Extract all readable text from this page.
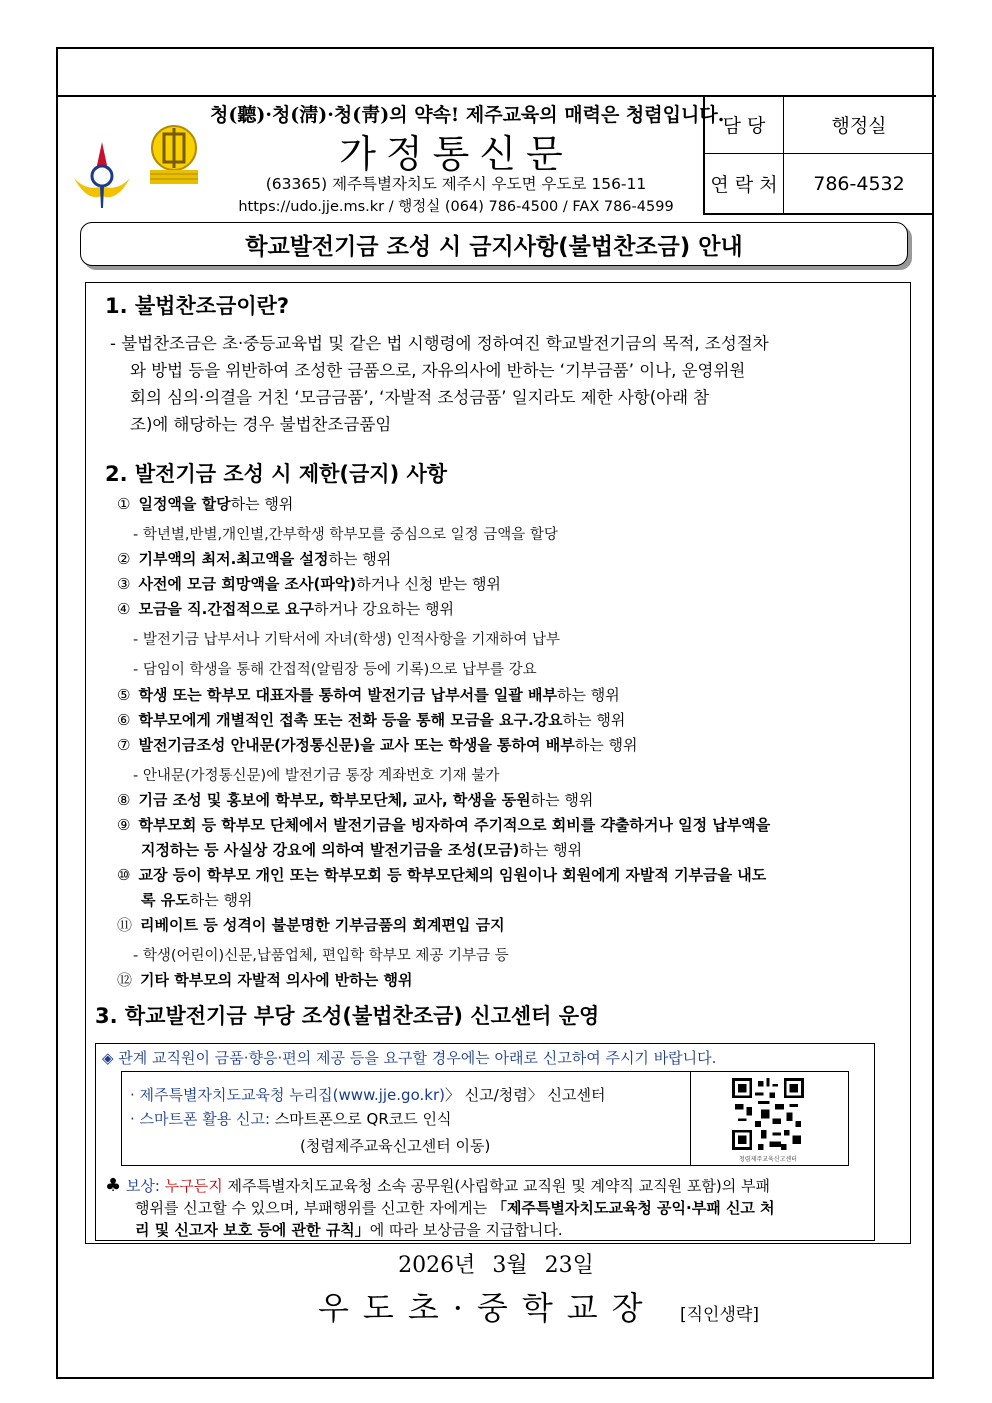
청(聽)·청(淸)·청(靑)의 약속! 제주교육의 매력은 청렴입니다.
가정통신문
(63365) 제주특별자치도 제주시 우도면 우도로 156-11
https://udo.jje.ms.kr / 행정실 (064) 786-4500 / FAX 786-4599
담 당	행정실
연 락 처	786-4532
학교발전기금 조성 시 금지사항(불법찬조금) 안내
1. 불법찬조금이란?
- 불법찬조금은 초·중등교육법 및 같은 법 시행령에 정하여진 학교발전기금의 목적, 조성절차
와 방법 등을 위반하여 조성한 금품으로, 자유의사에 반하는 ‘기부금품’ 이나, 운영위원
회의 심의·의결을 거친 ‘모금금품’, ‘자발적 조성금품’ 일지라도 제한 사항(아래 참
조)에 해당하는 경우 불법찬조금품임
2. 발전기금 조성 시 제한(금지) 사항
① 일정액을 할당하는 행위
- 학년별,반별,개인별,간부학생 학부모를 중심으로 일정 금액을 할당
② 기부액의 최저.최고액을 설정하는 행위
③ 사전에 모금 희망액을 조사(파악)하거나 신청 받는 행위
④ 모금을 직.간접적으로 요구하거나 강요하는 행위
- 발전기금 납부서나 기탁서에 자녀(학생) 인적사항을 기재하여 납부
- 담임이 학생을 통해 간접적(알림장 등에 기록)으로 납부를 강요
⑤ 학생 또는 학부모 대표자를 통하여 발전기금 납부서를 일괄 배부하는 행위
⑥ 학부모에게 개별적인 접촉 또는 전화 등을 통해 모금을 요구.강요하는 행위
⑦ 발전기금조성 안내문(가정통신문)을 교사 또는 학생을 통하여 배부하는 행위
- 안내문(가정통신문)에 발전기금 통장 계좌번호 기재 불가
⑧ 기금 조성 및 홍보에 학부모, 학부모단체, 교사, 학생을 동원하는 행위
⑨ 학부모회 등 학부모 단체에서 발전기금을 빙자하여 주기적으로 회비를 갹출하거나 일정 납부액을
지정하는 등 사실상 강요에 의하여 발전기금을 조성(모금)하는 행위
⑩ 교장 등이 학부모 개인 또는 학부모회 등 학부모단체의 임원이나 회원에게 자발적 기부금을 내도
록 유도하는 행위
⑪ 리베이트 등 성격이 불분명한 기부금품의 회계편입 금지
- 학생(어린이)신문,납품업체, 편입학 학부모 제공 기부금 등
⑫ 기타 학부모의 자발적 의사에 반하는 행위
3. 학교발전기금 부당 조성(불법찬조금) 신고센터 운영
◈ 관계 교직원이 금품·향응·편의 제공 등을 요구할 경우에는 아래로 신고하여 주시기 바랍니다.
· 제주특별자치도교육청 누리집(www.jje.go.kr)〉 신고/청렴〉 신고센터
· 스마트폰 활용 신고: 스마트폰으로 QR코드 인식
(청렴제주교육신고센터 이동)
청렴제주교육신고센터
♣ 보상: 누구든지 제주특별자치도교육청 소속 공무원(사립학교 교직원 및 계약직 교직원 포함)의 부패
행위를 신고할 수 있으며, 부패행위를 신고한 자에게는 「제주특별자치도교육청 공익·부패 신고 처
리 및 신고자 보호 등에 관한 규칙」에 따라 보상금을 지급합니다.
2026년 3월 23일
우도초·중학교장 [직인생략]
